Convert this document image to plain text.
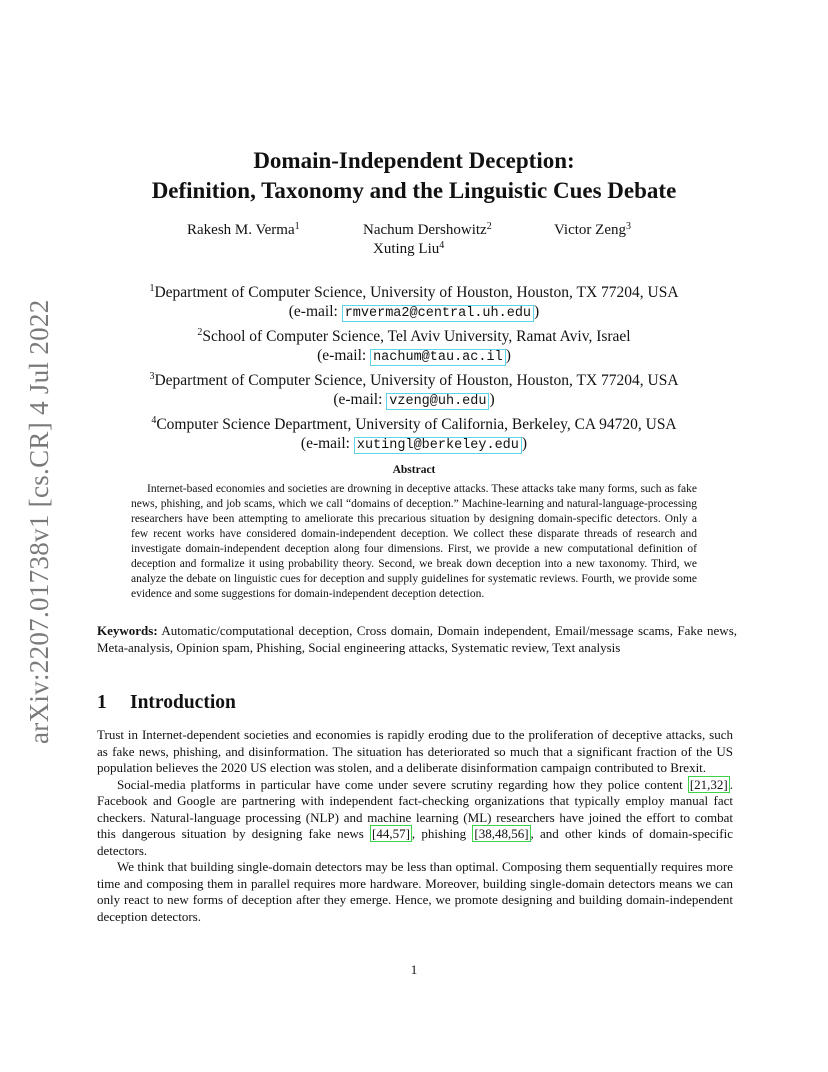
arXiv:2207.01738v1 [cs.CR] 4 Jul 2022
Domain-Independent Deception:
Definition, Taxonomy and the Linguistic Cues Debate
Rakesh M. Verma$^1$	Nachum Dershowitz$^2$	Victor Zeng$^3$
Xuting Liu$^4$
$^1$Department of Computer Science, University of Houston, Houston, TX 77204, USA
(e-mail: rmverma2@central.uh.edu )
$^2$School of Computer Science, Tel Aviv University, Ramat Aviv, Israel
(e-mail: nachum@tau.ac.il )
$^3$Department of Computer Science, University of Houston, Houston, TX 77204, USA
(e-mail: vzeng@uh.edu )
$^4$Computer Science Department, University of California, Berkeley, CA 94720, USA
(e-mail: xutingl@berkeley.edu )
Abstract
Internet-based economies and societies are drowning in deceptive attacks. These attacks take many forms, such as fake news, phishing, and job scams, which we call “domains of deception.” Machine-learning and natural-language-processing researchers have been attempting to ameliorate this precarious situation by designing domain-specific detectors. Only a few recent works have considered domain-independent deception. We collect these disparate threads of research and investigate domain-independent deception along four dimensions. First, we provide a new computational definition of deception and formalize it using probability theory. Second, we break down deception into a new taxonomy. Third, we analyze the debate on linguistic cues for deception and supply guidelines for systematic reviews. Fourth, we provide some evidence and some suggestions for domain-independent deception detection.
Keywords: Automatic/computational deception, Cross domain, Domain independent, Email/message scams, Fake news, Meta-analysis, Opinion spam, Phishing, Social engineering attacks, Systematic review, Text analysis
1 Introduction

Trust in Internet-dependent societies and economies is rapidly eroding due to the proliferation of deceptive attacks, such as fake news, phishing, and disinformation. The situation has deteriorated so much that a significant fraction of the US population believes the 2020 US election was stolen, and a deliberate disinformation campaign contributed to Brexit.

Social-media platforms in particular have come under severe scrutiny regarding how they police content [21,32] . Facebook and Google are partnering with independent fact-checking organizations that typically employ manual fact checkers. Natural-language processing (NLP) and machine learning (ML) researchers have joined the effort to combat this dangerous situation by designing fake news [44,57] , phishing [38,48,56] , and other kinds of domain-specific detectors.

We think that building single-domain detectors may be less than optimal. Composing them sequentially requires more time and composing them in parallel requires more hardware. Moreover, building single-domain detectors means we can only react to new forms of deception after they emerge. Hence, we promote designing and building domain-independent deception detectors.

1
